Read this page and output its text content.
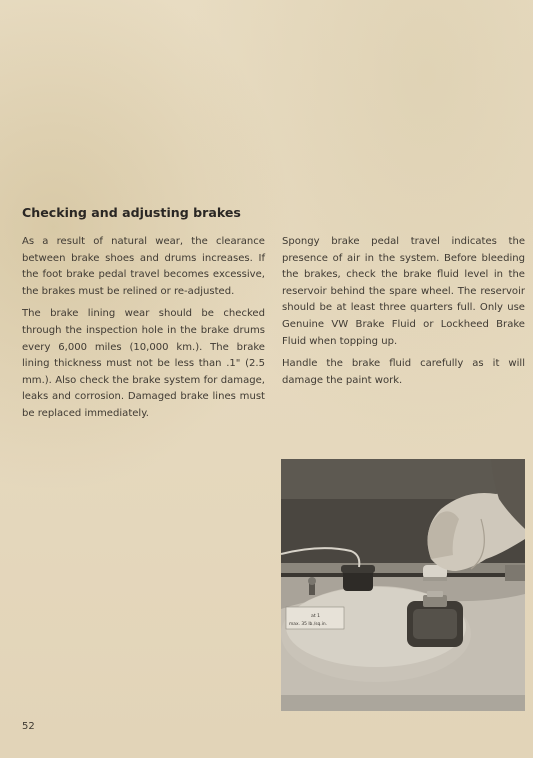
Checking and adjusting brakes

As a result of natural wear, the clearance between brake shoes and drums increases. If the foot brake pedal travel becomes excessive, the brakes must be relined or re-adjusted.

The brake lining wear should be checked through the inspection hole in the brake drums every 6,000 miles (10,000 km.). The brake lining thickness must not be less than .1" (2.5 mm.). Also check the brake system for damage, leaks and corrosion. Damaged brake lines must be replaced immediately.

Spongy brake pedal travel indicates the presence of air in the system. Before bleeding the brakes, check the brake fluid level in the reservoir behind the spare wheel. The reservoir should be at least three quarters full. Only use Genuine VW Brake Fluid or Lockheed Brake Fluid when topping up.

Handle the brake fluid carefully as it will damage the paint work.

at 1
max. 35 lb./sq.in.
52
